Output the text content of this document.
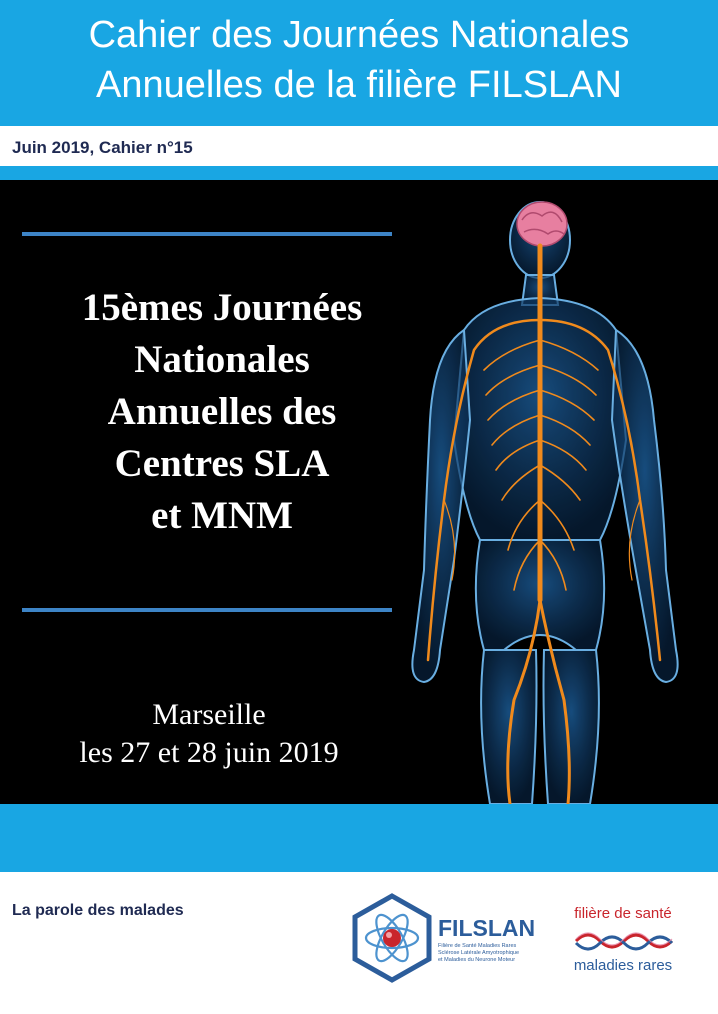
Cahier des Journées Nationales
Annuelles de la filière FILSLAN
Juin 2019, Cahier n°15
15èmes Journées
Nationales
Annuelles des
Centres SLA
et MNM
Marseille
les 27 et 28 juin 2019
La parole des malades
FILSLAN
Filière de Santé Maladies Rares
Sclérose Latérale Amyotrophique
et Maladies du Neurone Moteur
filière de santé
maladies rares
